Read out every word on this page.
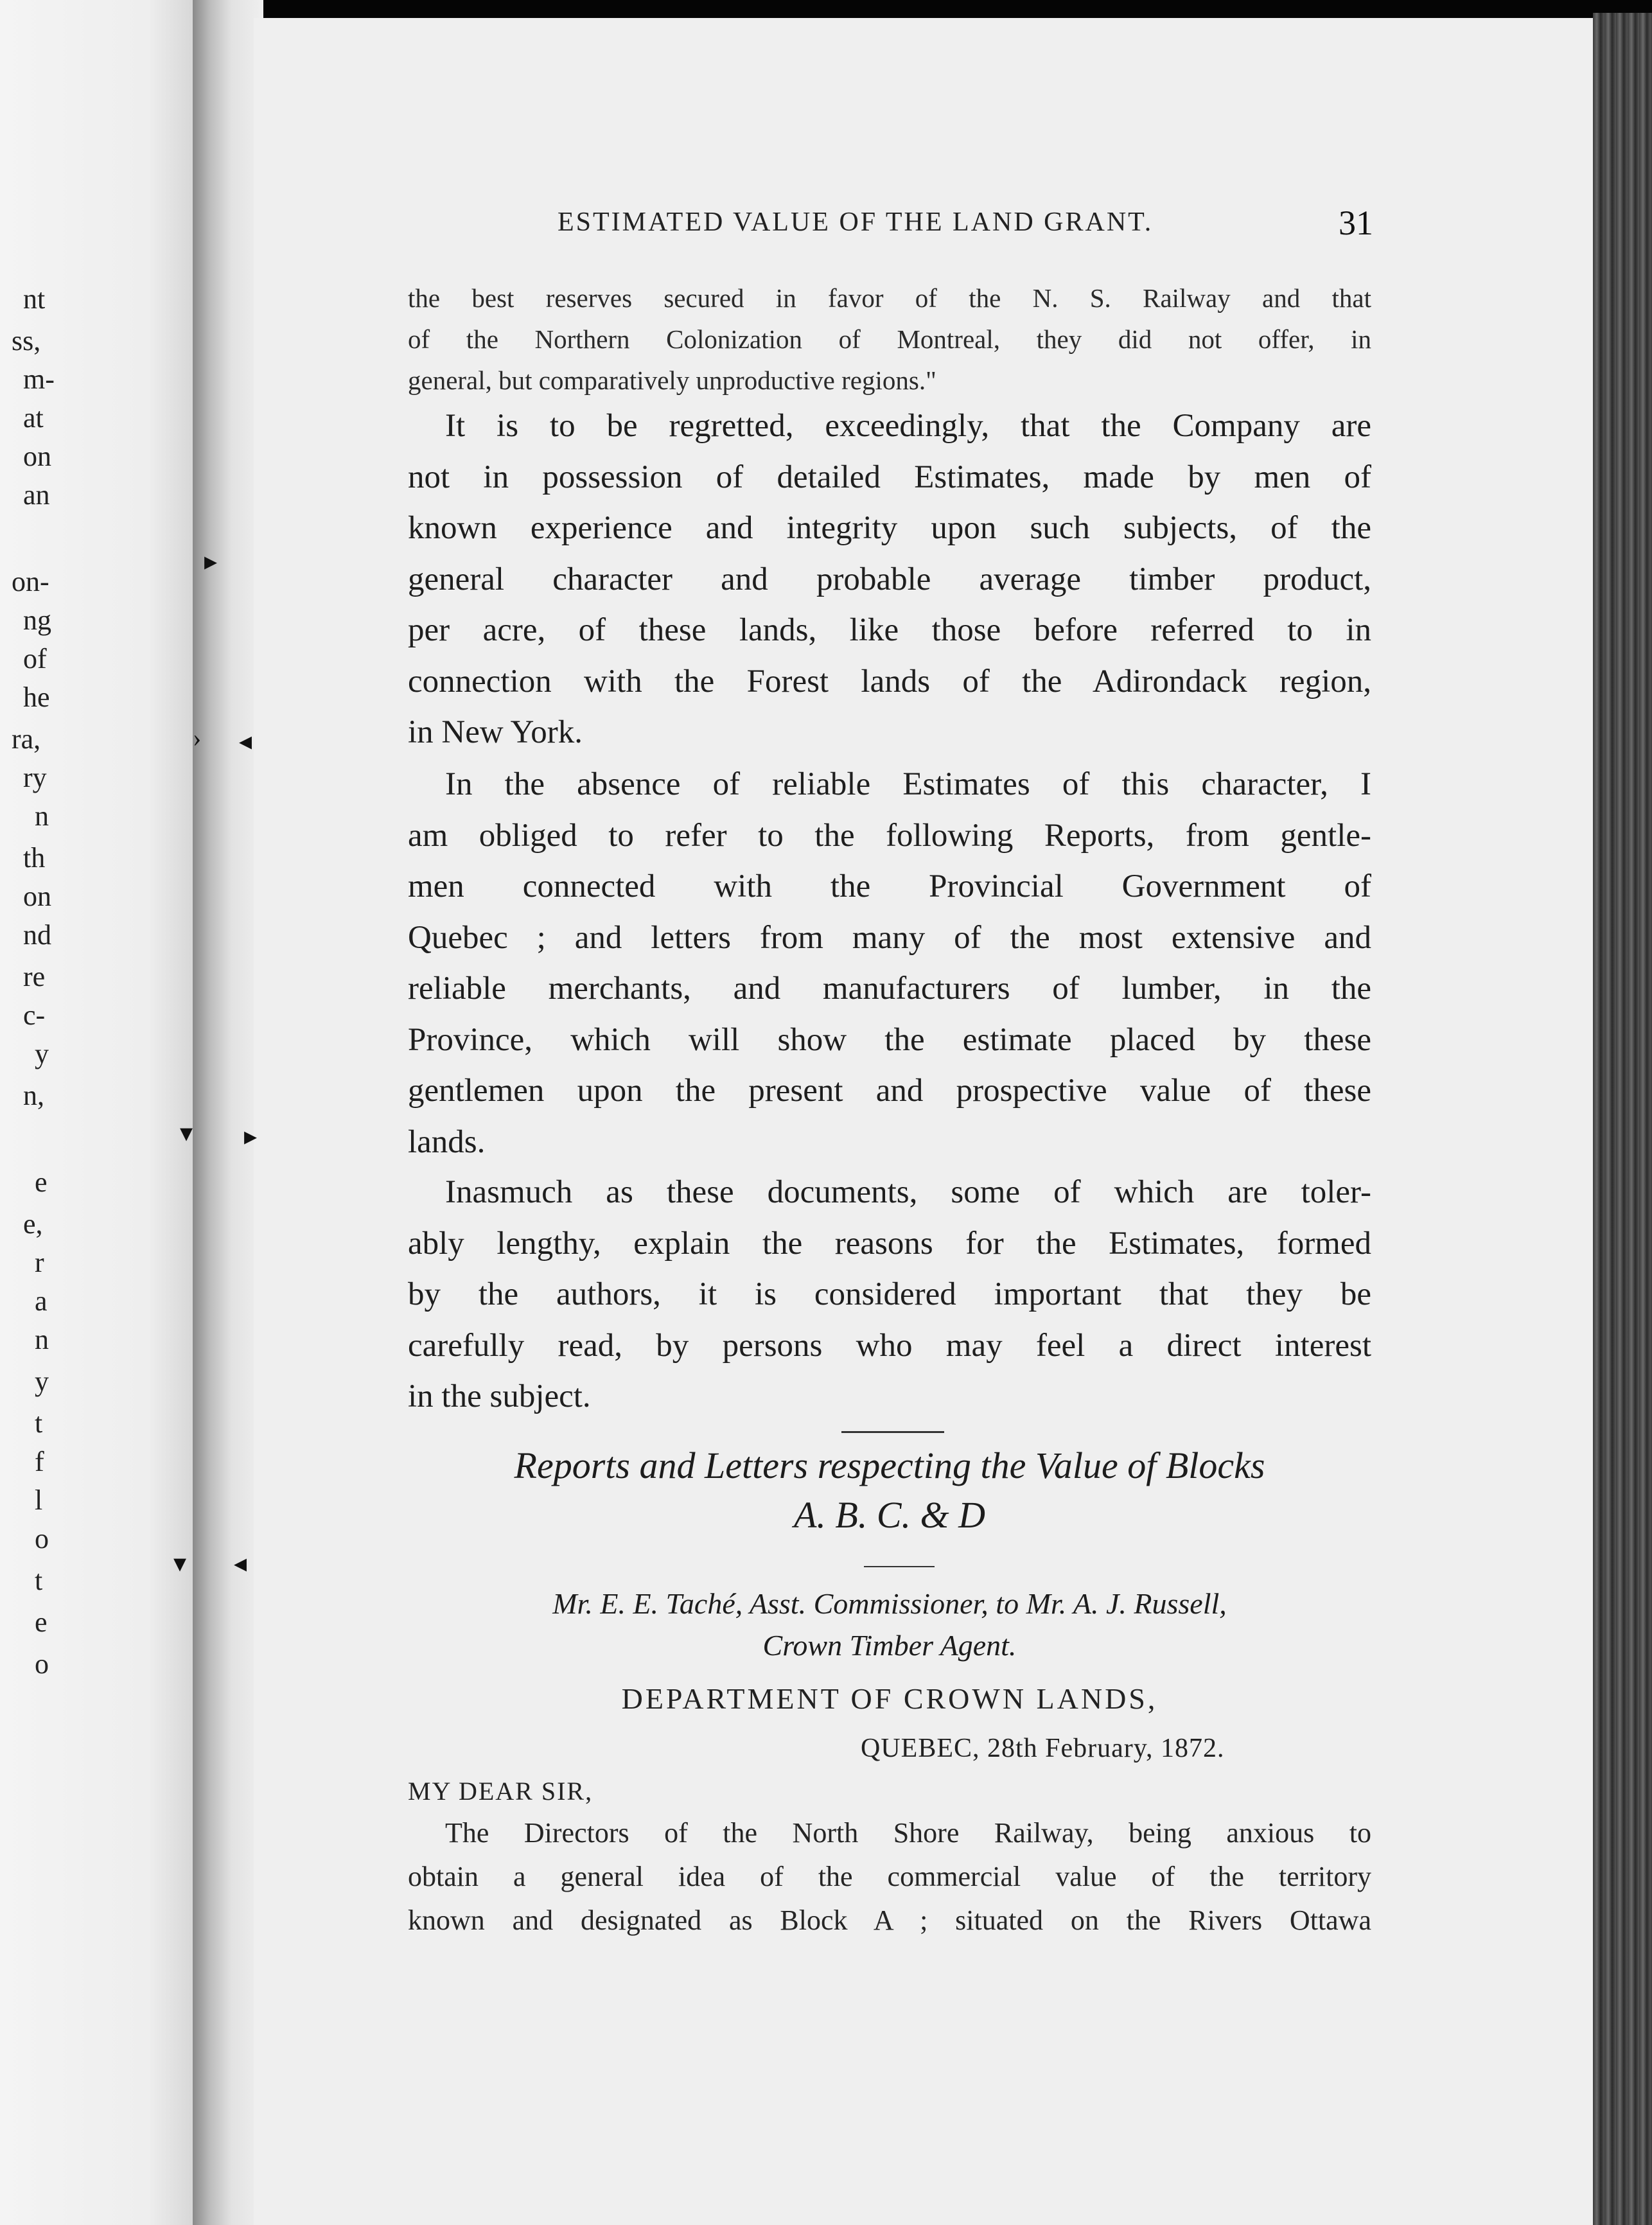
nt
ss,
m-
at
on
an
on-
ng
of
he
ra,
ry
n
th
on
nd
re
c-
y
n,
e
e,
r
a
n
y
t
f
l
o
t
e
o
▸
› ◂
▾ ▸
▾ ◂
ESTIMATED VALUE OF THE LAND GRANT.	31
the best reserves secured in favor of the N. S. Railway and that
of the Northern Colonization of Montreal, they did not offer, in
general, but comparatively unproductive regions."
It is to be regretted, exceedingly, that the Company are
not in possession of detailed Estimates, made by men of
known experience and integrity upon such subjects, of the
general character and probable average timber product,
per acre, of these lands, like those before referred to in
connection with the Forest lands of the Adirondack region,
in New York.
In the absence of reliable Estimates of this character, I
am obliged to refer to the following Reports, from gentle-
men connected with the Provincial Government of
Quebec ; and letters from many of the most extensive and
reliable merchants, and manufacturers of lumber, in the
Province, which will show the estimate placed by these
gentlemen upon the present and prospective value of these
lands.
Inasmuch as these documents, some of which are toler-
ably lengthy, explain the reasons for the Estimates, formed
by the authors, it is considered important that they be
carefully read, by persons who may feel a direct interest
in the subject.
Reports and Letters respecting the Value of Blocks
A. B. C. & D
Mr. E. E. Taché, Asst. Commissioner, to Mr. A. J. Russell,
Crown Timber Agent.
DEPARTMENT OF CROWN LANDS,
QUEBEC, 28th February, 1872.
MY DEAR SIR,
The Directors of the North Shore Railway, being anxious to
obtain a general idea of the commercial value of the territory
known and designated as Block A ; situated on the Rivers Ottawa
